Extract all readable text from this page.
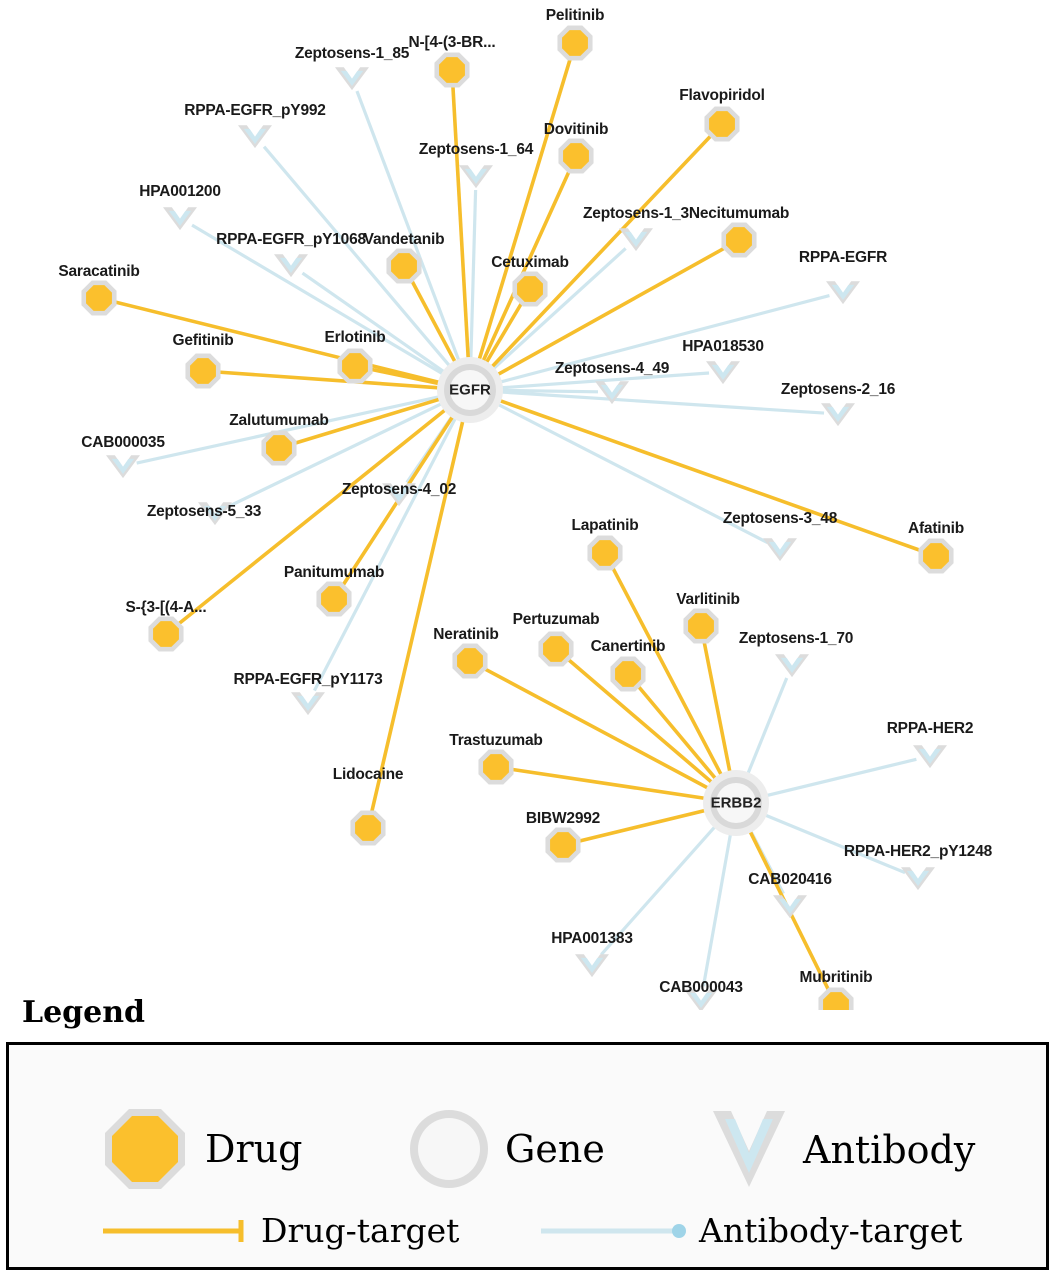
Zeptosens-1_85
RPPA-EGFR_pY992
Zeptosens-1_64
HPA001200
Zeptosens-1_3
RPPA-EGFR_pY1068
RPPA-EGFR
HPA018530
Zeptosens-4_49
Zeptosens-2_16
CAB000035
Zeptosens-5_33
Zeptosens-4_02
Zeptosens-3_48
RPPA-EGFR_pY1173
Zeptosens-1_70
RPPA-HER2
RPPA-HER2_pY1248
CAB020416
HPA001383
CAB000043
Pelitinib
N-[4-(3-BR...
Flavopiridol
Dovitinib
Necitumumab
Vandetanib
Cetuximab
Saracatinib
Gefitinib	Erlotinib
Zalutumumab
Afatinib
Lapatinib
Varlitinib
Panitumumab
S-{3-[(4-A...
Pertuzumab
Neratinib
Canertinib
Trastuzumab
Lidocaine
BIBW2992
Mubritinib
EGFR
ERBB2
Legend
Drug	Gene	Antibody
Drug-target	Antibody-target
